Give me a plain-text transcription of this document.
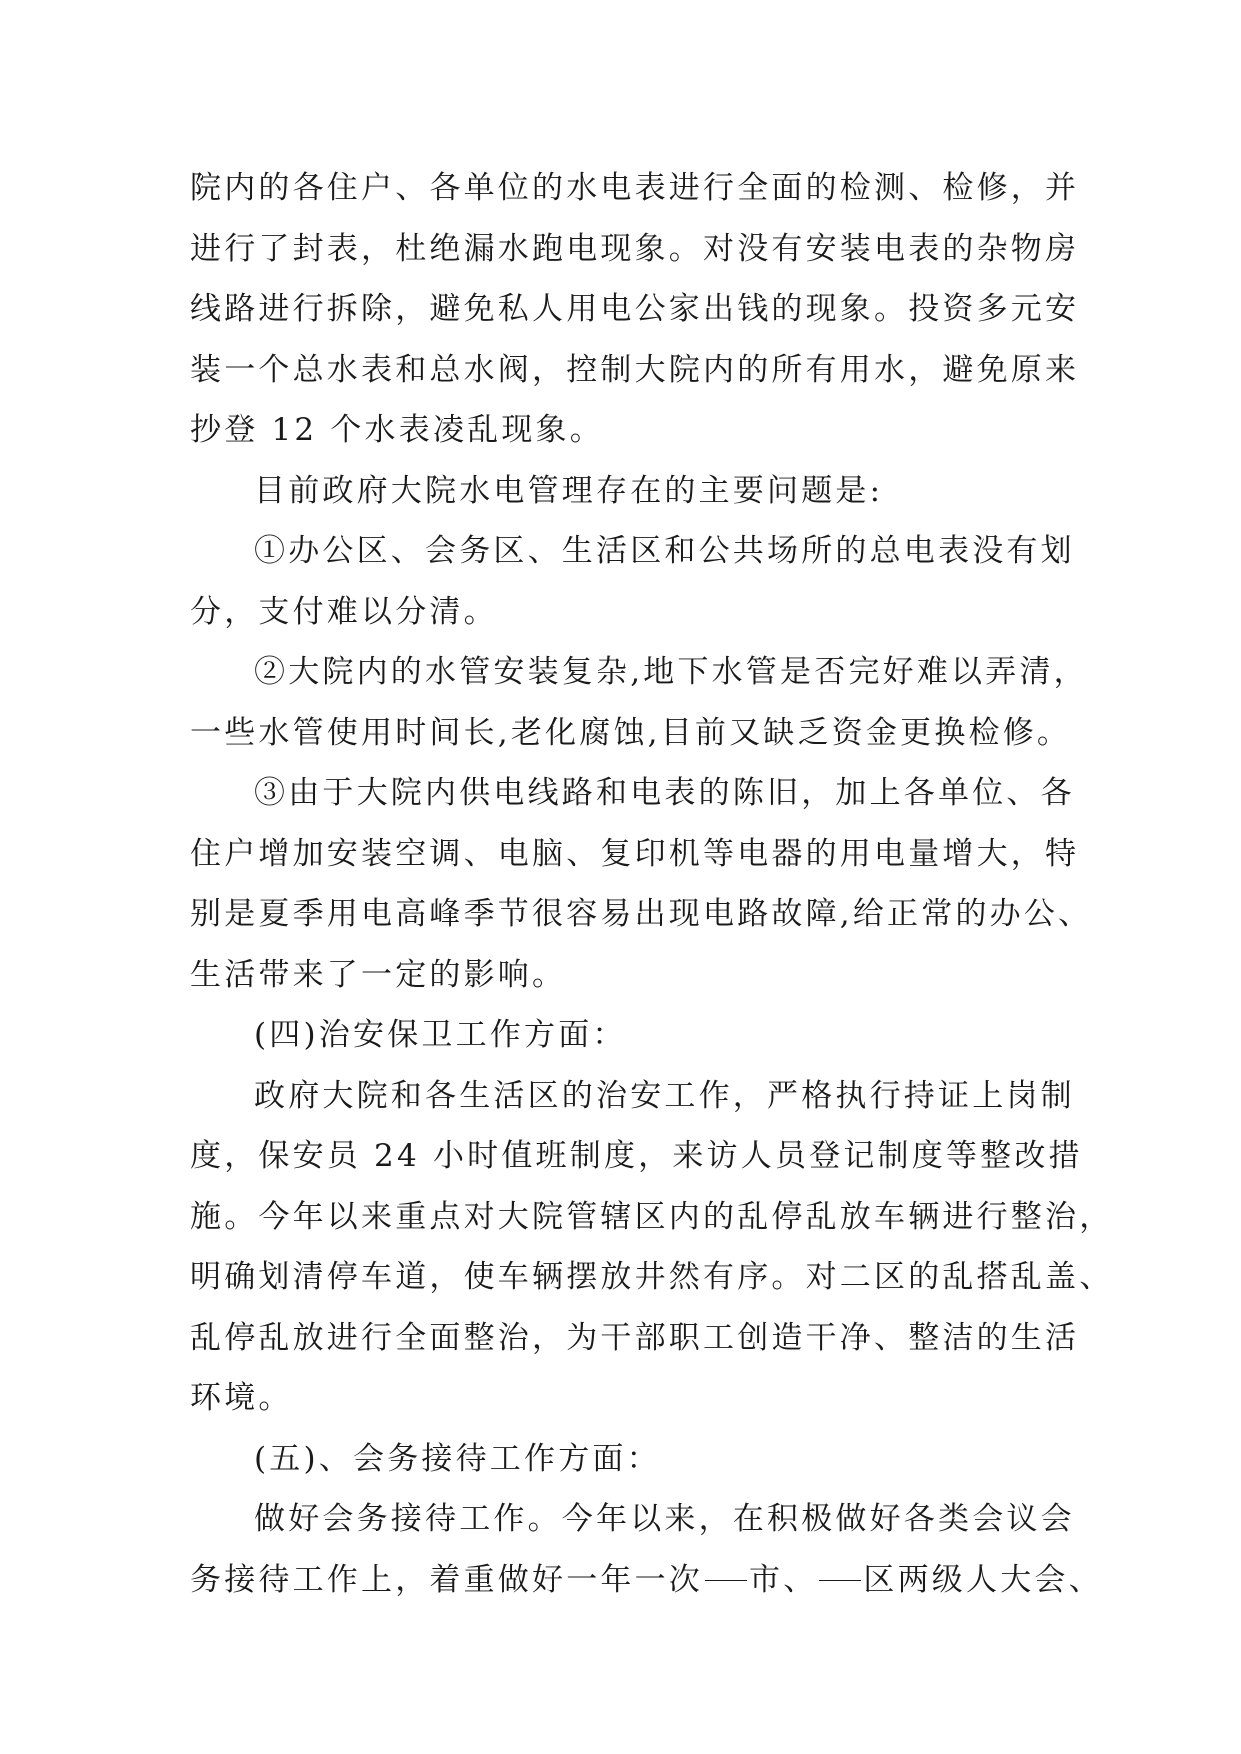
院内的各住户、各单位的水电表进行全面的检测、检修，并
进行了封表，杜绝漏水跑电现象。对没有安装电表的杂物房
线路进行拆除，避免私人用电公家出钱的现象。投资多元安
装一个总水表和总水阀，控制大院内的所有用水，避免原来
抄登 12 个水表凌乱现象。
目前政府大院水电管理存在的主要问题是:
①办公区、会务区、生活区和公共场所的总电表没有划
分，支付难以分清。
②大院内的水管安装复杂,地下水管是否完好难以弄清，
一些水管使用时间长,老化腐蚀,目前又缺乏资金更换检修。
③由于大院内供电线路和电表的陈旧，加上各单位、各
住户增加安装空调、电脑、复印机等电器的用电量增大，特
别是夏季用电高峰季节很容易出现电路故障,给正常的办公、
生活带来了一定的影响。
(四)治安保卫工作方面：
政府大院和各生活区的治安工作，严格执行持证上岗制
度，保安员 24 小时值班制度，来访人员登记制度等整改措
施。今年以来重点对大院管辖区内的乱停乱放车辆进行整治，
明确划清停车道，使车辆摆放井然有序。对二区的乱搭乱盖、
乱停乱放进行全面整治，为干部职工创造干净、整洁的生活
环境。
(五)、会务接待工作方面：
做好会务接待工作。今年以来，在积极做好各类会议会
务接待工作上，着重做好一年一次 市、 区两级人大会、
